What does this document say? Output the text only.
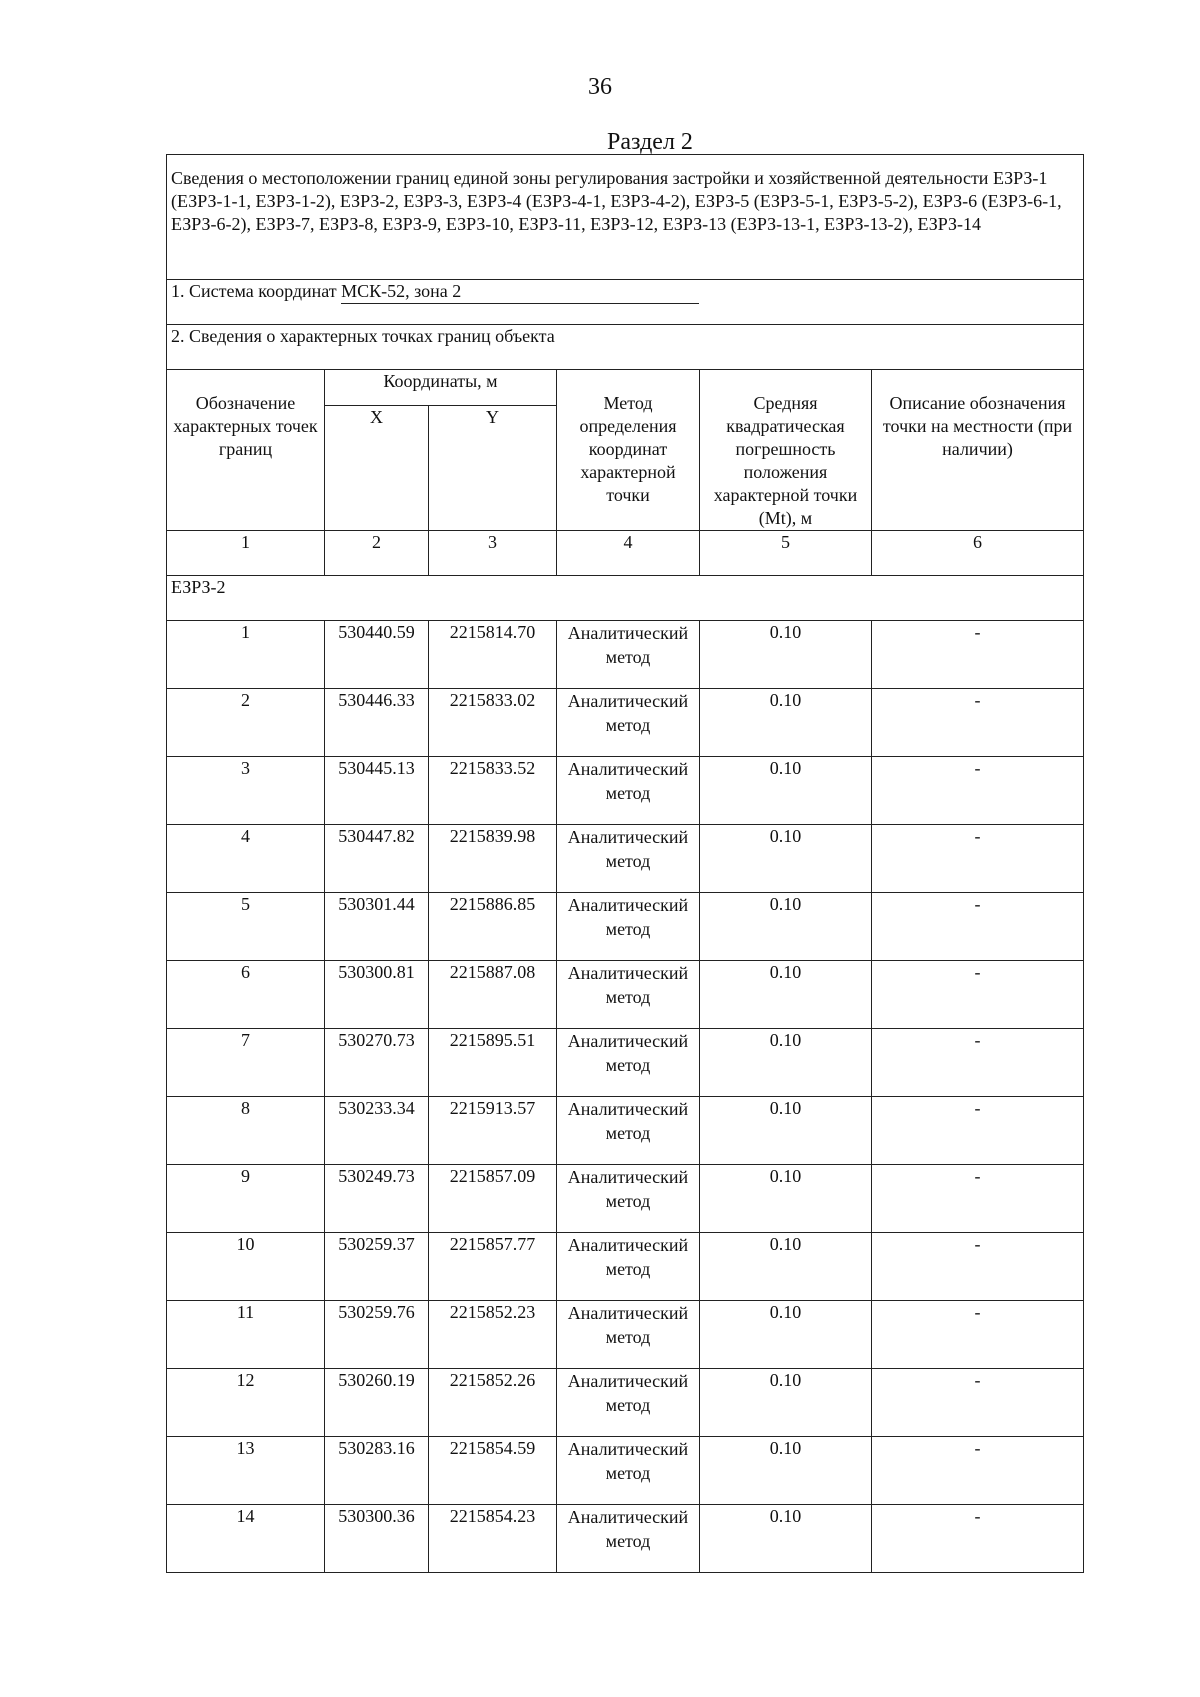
36
Раздел 2
Сведения о местоположении границ единой зоны регулирования застройки и хозяйственной деятельности ЕЗРЗ-1 (ЕЗРЗ-1-1, ЕЗРЗ-1-2), ЕЗРЗ-2, ЕЗРЗ-3, ЕЗРЗ-4 (ЕЗРЗ-4-1, ЕЗРЗ-4-2), ЕЗРЗ-5 (ЕЗРЗ-5-1, ЕЗРЗ-5-2), ЕЗРЗ-6 (ЕЗРЗ-6-1, ЕЗРЗ-6-2), ЕЗРЗ-7, ЕЗРЗ-8, ЕЗРЗ-9, ЕЗРЗ-10, ЕЗРЗ-11, ЕЗРЗ-12, ЕЗРЗ-13 (ЕЗРЗ-13-1, ЕЗРЗ-13-2), ЕЗРЗ-14					
1. Система координат МСК-52, зона 2					
2. Сведения о характерных точках границ объекта					
Обозначение характерных точек границ	Координаты, м		Метод определения координат характерной точки	Средняя квадратическая погрешность положения характерной точки (Mt), м	Описание обозначения точки на местности (при наличии)
	X	Y			
1	2	3	4	5	6
ЕЗРЗ-2					
1	530440.59	2215814.70	Аналитический метод	0.10	-
2	530446.33	2215833.02	Аналитический метод	0.10	-
3	530445.13	2215833.52	Аналитический метод	0.10	-
4	530447.82	2215839.98	Аналитический метод	0.10	-
5	530301.44	2215886.85	Аналитический метод	0.10	-
6	530300.81	2215887.08	Аналитический метод	0.10	-
7	530270.73	2215895.51	Аналитический метод	0.10	-
8	530233.34	2215913.57	Аналитический метод	0.10	-
9	530249.73	2215857.09	Аналитический метод	0.10	-
10	530259.37	2215857.77	Аналитический метод	0.10	-
11	530259.76	2215852.23	Аналитический метод	0.10	-
12	530260.19	2215852.26	Аналитический метод	0.10	-
13	530283.16	2215854.59	Аналитический метод	0.10	-
14	530300.36	2215854.23	Аналитический метод	0.10	-
